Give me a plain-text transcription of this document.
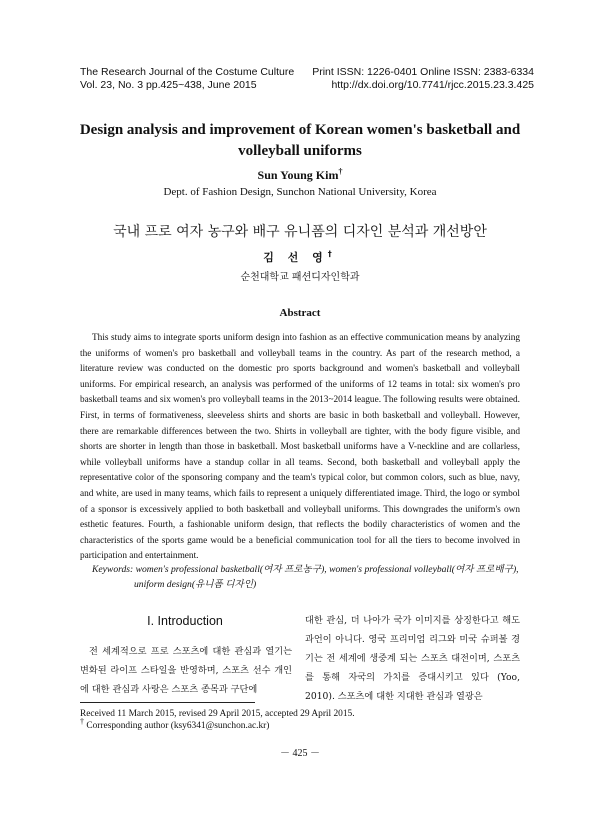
The Research Journal of the Costume Culture
Vol. 23, No. 3 pp.425~438, June 2015
Print ISSN: 1226-0401 Online ISSN: 2383-6334
http://dx.doi.org/10.7741/rjcc.2015.23.3.425
Design analysis and improvement of Korean women's basketball and volleyball uniforms
Sun Young Kim†
Dept. of Fashion Design, Sunchon National University, Korea
국내 프로 여자 농구와 배구 유니폼의 디자인 분석과 개선방안
김 선 영†
순천대학교 패션디자인학과
Abstract

This study aims to integrate sports uniform design into fashion as an effective communication means by analyzing the uniforms of women's pro basketball and volleyball teams in the country. As part of the research method, a literature review was conducted on the domestic pro sports background and women's basketball and volleyball uniforms. For empirical research, an analysis was performed of the uniforms of 12 teams in total: six women's pro basketball teams and six women's pro volleyball teams in the 2013~2014 league. The following results were obtained. First, in terms of formativeness, sleeveless shirts and shorts are basic in both basketball and volleyball. However, there are remarkable differences between the two. Shirts in volleyball are tighter, with the body figure visible, and shorts are shorter in length than those in basketball. Most basketball uniforms have a V-neckline and are collarless, while volleyball uniforms have a standup collar in all teams. Second, both basketball and volleyball apply the representative color of the sponsoring company and the team's typical color, but common colors, such as blue, navy, and white, are used in many teams, which fails to represent a uniquely differentiated image. Third, the logo or symbol of a sponsor is excessively applied to both basketball and volleyball uniforms. This downgrades the uniform's own esthetic features. Fourth, a fashionable uniform design, that reflects the bodily characteristics of women and the characteristics of the sports game would be a beneficial communication tool for all the tiers to become involved in participation and entertainment.

Keywords: women's professional basketball(여자 프로농구), women's professional volleyball(여자 프로배구),
uniform design(유니폼 디자인)
I. Introduction

전 세계적으로 프로 스포츠에 대한 관심과 열기는 변화된 라이프 스타일을 반영하며, 스포츠 선수 개인에 대한 관심과 사랑은 스포츠 종목과 구단에

대한 관심, 더 나아가 국가 이미지를 상징한다고 해도 과언이 아니다. 영국 프리미엄 리그와 미국 슈퍼볼 경기는 전 세계에 생중계 되는 스포츠 대전이며, 스포츠를 통해 자국의 가치를 증대시키고 있다 (Yoo, 2010). 스포츠에 대한 지대한 관심과 열광은

Received 11 March 2015, revised 29 April 2015, accepted 29 April 2015.
† Corresponding author (ksy6341@sunchon.ac.kr)
－ 425 －
